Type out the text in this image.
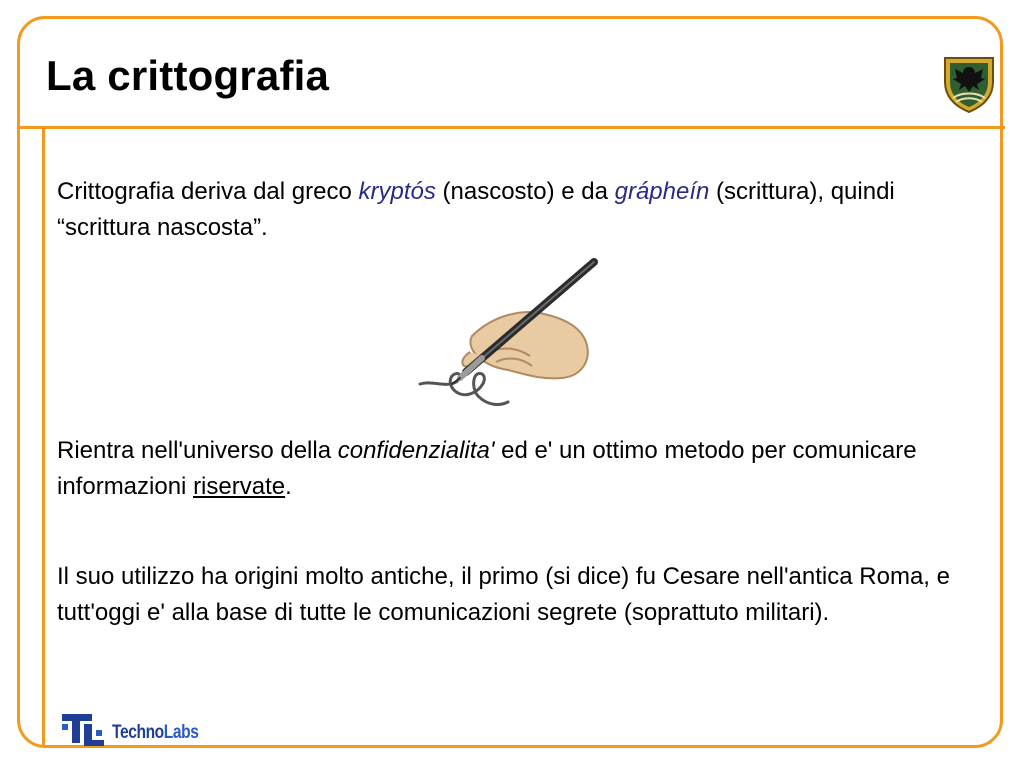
La crittografia

Crittografia deriva dal greco kryptós (nascosto) e da grápheín (scrittura), quindi “scrittura nascosta”.

Rientra nell'universo della confidenzialita' ed e' un ottimo metodo per comunicare informazioni riservate.

Il suo utilizzo ha origini molto antiche, il primo (si dice) fu Cesare nell'antica Roma, e tutt'oggi e' alla base di tutte le comunicazioni segrete (soprattuto militari).

TechnoLabs
